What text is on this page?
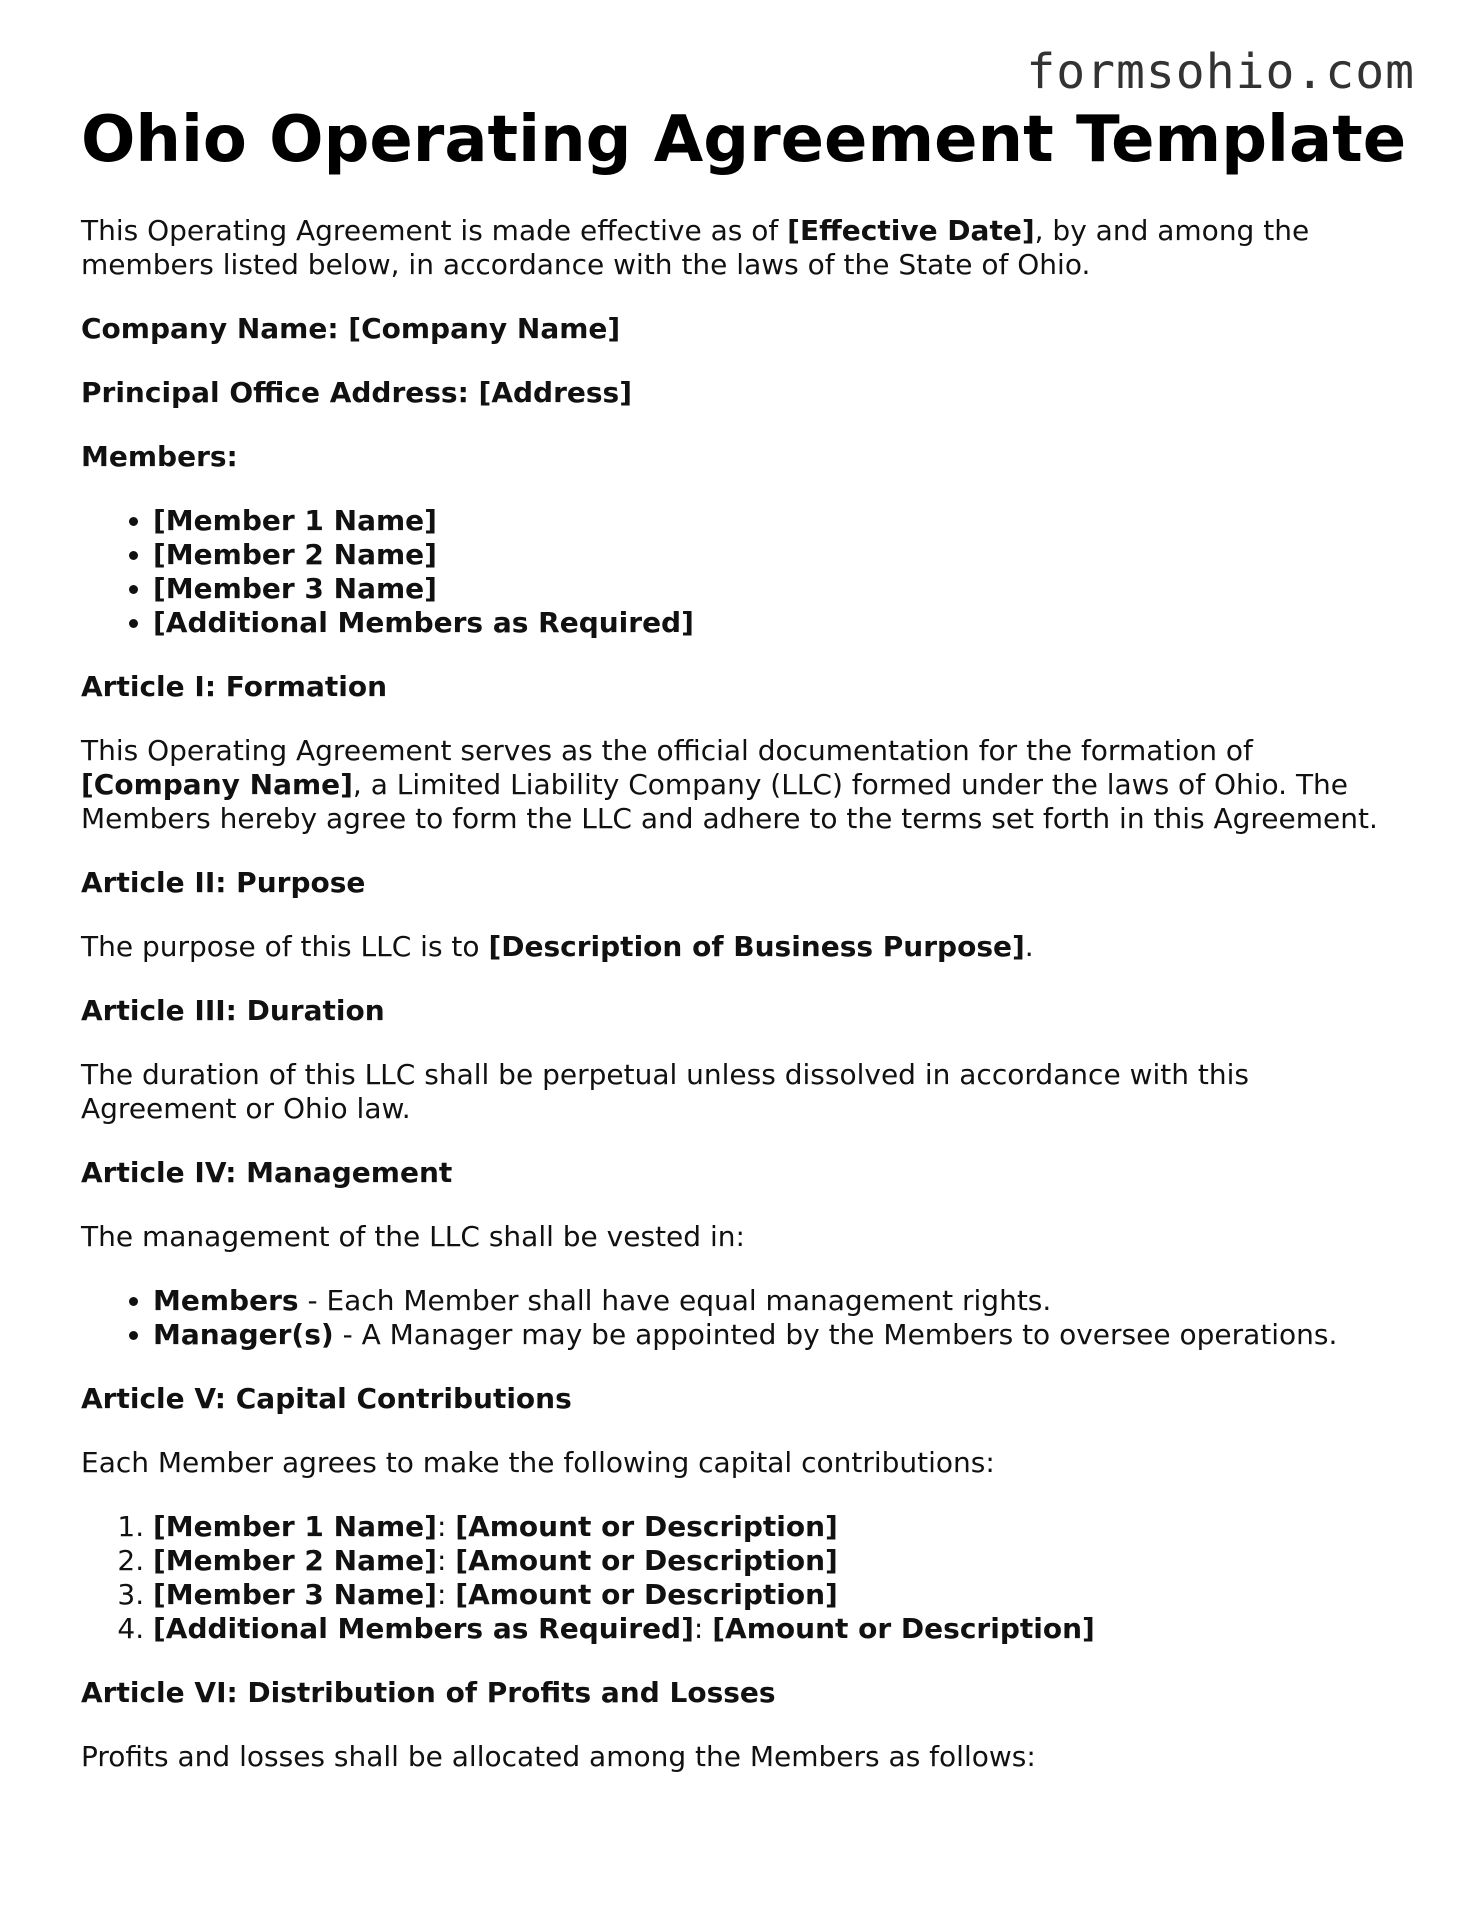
formsohio.com
Ohio Operating Agreement Template

This Operating Agreement is made effective as of [Effective Date], by and among the members listed below, in accordance with the laws of the State of Ohio.

Company Name: [Company Name]
Principal Office Address: [Address]
Members:
• [Member 1 Name]
• [Member 2 Name]
• [Member 3 Name]
• [Additional Members as Required]
Article I: Formation

This Operating Agreement serves as the official documentation for the formation of [Company Name], a Limited Liability Company (LLC) formed under the laws of Ohio. The Members hereby agree to form the LLC and adhere to the terms set forth in this Agreement.

Article II: Purpose

The purpose of this LLC is to [Description of Business Purpose].

Article III: Duration

The duration of this LLC shall be perpetual unless dissolved in accordance with this Agreement or Ohio law.

Article IV: Management

The management of the LLC shall be vested in:

• Members - Each Member shall have equal management rights.
• Manager(s) - A Manager may be appointed by the Members to oversee operations.
Article V: Capital Contributions

Each Member agrees to make the following capital contributions:

1. [Member 1 Name]: [Amount or Description]
2. [Member 2 Name]: [Amount or Description]
3. [Member 3 Name]: [Amount or Description]
4. [Additional Members as Required]: [Amount or Description]
Article VI: Distribution of Profits and Losses

Profits and losses shall be allocated among the Members as follows:
